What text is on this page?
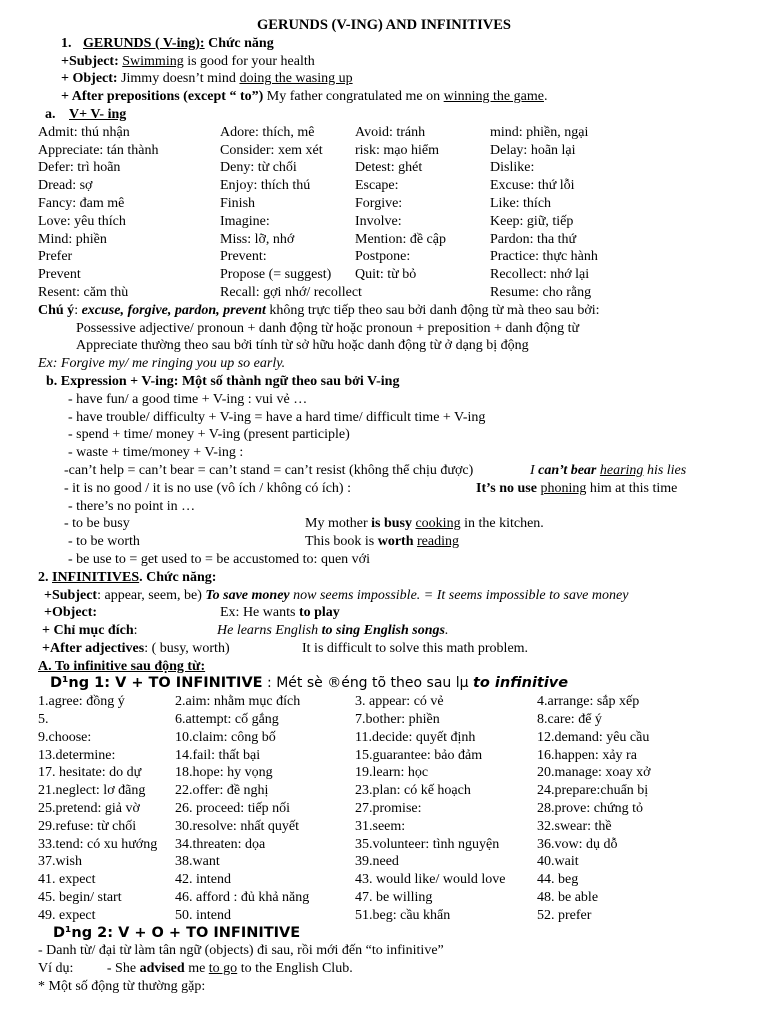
GERUNDS (V-ING) AND INFINITIVES
1. GERUNDS ( V-ing): Chức năng
+Subject: Swimming is good for your health
+ Object: Jimmy doesn’t mind doing the wasing up
+ After prepositions (except “ to”) My father congratulated me on winning the game.
a. V+ V- ing
Admit: thú nhận	Adore: thích, mê	Avoid: tránh	mind: phiền, ngại
Appreciate: tán thành	Consider: xem xét	risk: mạo hiểm	Delay: hoãn lại
Defer: trì hoãn	Deny: từ chối	Detest: ghét	Dislike:
Dread: sợ	Enjoy: thích thú	Escape:	Excuse: thứ lỗi
Fancy: đam mê	Finish	Forgive:	Like: thích
Love: yêu thích	Imagine:	Involve:	Keep: giữ, tiếp
Mind: phiền	Miss: lỡ, nhớ	Mention: đề cập	Pardon: tha thứ
Prefer	Prevent:	Postpone:	Practice: thực hành
Prevent	Propose (= suggest)	Quit: từ bỏ	Recollect: nhớ lại
Resent: căm thù	Recall: gợi nhớ/ recollect	Resume: cho rằng
Chú ý: excuse, forgive, pardon, prevent không trực tiếp theo sau bởi danh động từ mà theo sau bởi:
Possessive adjective/ pronoun + danh động từ hoặc pronoun + preposition + danh động từ
Appreciate thường theo sau bởi tính từ sở hữu hoặc danh động từ ở dạng bị động
Ex: Forgive my/ me ringing you up so early.
b. Expression + V-ing: Một số thành ngữ theo sau bởi V-ing
- have fun/ a good time + V-ing : vui vẻ …
- have trouble/ difficulty + V-ing = have a hard time/ difficult time + V-ing
- spend + time/ money + V-ing (present participle)
- waste + time/money + V-ing :
-can’t help = can’t bear = can’t stand = can’t resist (không thể chịu được)	I can’t bear hearing his lies
- it is no good / it is no use (vô ích / không có ích) :	It’s no use phoning him at this time
- there’s no point in …
- to be busy	My mother is busy cooking in the kitchen.
- to be worth	This book is worth reading
- be use to = get used to = be accustomed to: quen với
2. INFINITIVES. Chức năng:
+Subject: appear, seem, be) To save money now seems impossible. = It seems impossible to save money
+Object:	Ex: He wants to play
+ Chỉ mục đích:	He learns English to sing English songs.
+After adjectives: ( busy, worth)	It is difficult to solve this math problem.
A. To infinitive sau động từ:
D¹ng 1: V + TO INFINITIVE : Mét sè ®éng tõ theo sau lµ to infinitive
1.agree: đồng ý	2.aim: nhằm mục đích	3. appear: có vẻ	4.arrange: sắp xếp
5.	6.attempt: cố gắng	7.bother: phiền	8.care: để ý
9.choose:	10.claim: công bố	11.decide: quyết định	12.demand: yêu cầu
13.determine:	14.fail: thất bại	15.guarantee: bảo đảm	16.happen: xảy ra
17. hesitate: do dự	18.hope: hy vọng	19.learn: học	20.manage: xoay xở
21.neglect: lơ đãng	22.offer: đề nghị	23.plan: có kế hoạch	24.prepare:chuẩn bị
25.pretend: giả vờ	26. proceed: tiếp nối	27.promise:	28.prove: chứng tỏ
29.refuse: từ chối	30.resolve: nhất quyết	31.seem:	32.swear: thề
33.tend: có xu hướng	34.threaten: dọa	35.volunteer: tình nguyện	36.vow: dụ dỗ
37.wish	38.want	39.need	40.wait
41. expect	42. intend	43. would like/ would love	44. beg
45. begin/ start	46. afford : đủ khả năng	47. be willing	48. be able
49. expect	50. intend	51.beg: cầu khẩn	52. prefer
D¹ng 2: V + O + TO INFINITIVE
- Danh từ/ đại từ làm tân ngữ (objects) đi sau, rồi mới đến “to infinitive”
Ví dụ: - She advised me to go to the English Club.
* Một số động từ thường gặp:
